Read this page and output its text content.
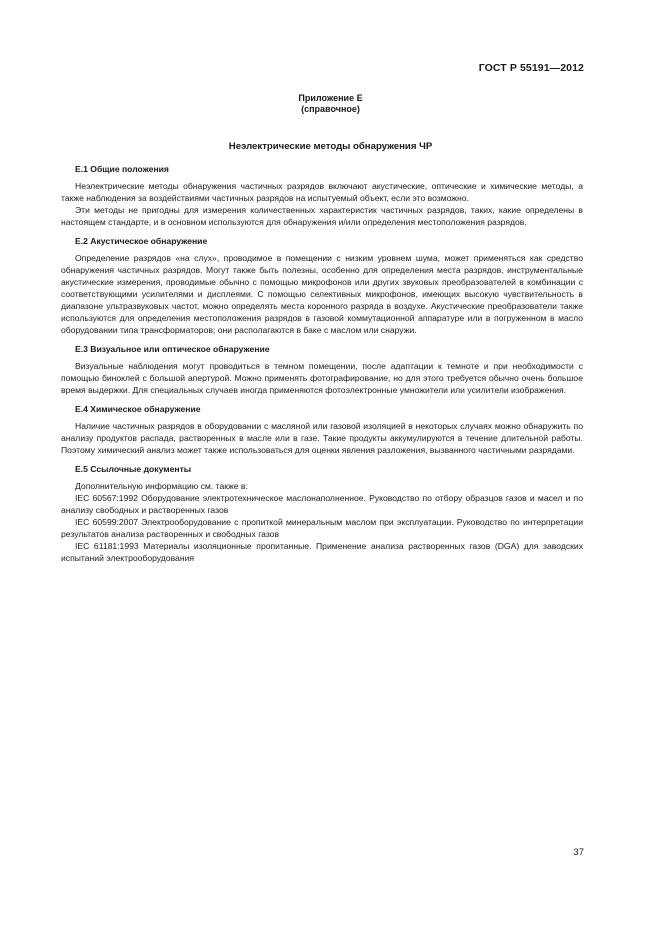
ГОСТ Р 55191—2012
Приложение Е
(справочное)
Неэлектрические методы обнаружения ЧР
Е.1 Общие положения

Неэлектрические методы обнаружения частичных разрядов включают акустические, оптические и химические методы, а также наблюдения за воздействиями частичных разрядов на испытуемый объект, если это возможно.

Эти методы не пригодны для измерения количественных характеристик частичных разрядов, таких, какие определены в настоящем стандарте, и в основном используются для обнаружения и/или определения местоположения разрядов.

Е.2 Акустическое обнаружение

Определение разрядов «на слух», проводимое в помещении с низким уровнем шума, может применяться как средство обнаружения частичных разрядов. Могут также быть полезны, особенно для определения места разрядов, инструментальные акустические измерения, проводимые обычно с помощью микрофонов или других звуковых преобразователей в комбинации с соответствующими усилителями и дисплеями. С помощью селективных микрофонов, имеющих высокую чувствительность в диапазоне ультразвуковых частот, можно определять места коронного разряда в воздухе. Акустические преобразователи также используются для определения местоположения разрядов в газовой коммутационной аппаратуре или в погруженном в масло оборудовании типа трансформаторов; они располагаются в баке с маслом или снаружи.

Е.3 Визуальное или оптическое обнаружение

Визуальные наблюдения могут проводиться в темном помещении, после адаптации к темноте и при необходимости с помощью биноклей с большой апертурой. Можно применять фотографирование, но для этого требуется обычно очень большое время выдержки. Для специальных случаев иногда применяются фотоэлектронные умножители или усилители изображения.

Е.4 Химическое обнаружение

Наличие частичных разрядов в оборудовании с масляной или газовой изоляцией в некоторых случаях можно обнаружить по анализу продуктов распада, растворенных в масле или в газе. Такие продукты аккумулируются в течение длительной работы. Поэтому химический анализ может также использоваться для оценки явления разложения, вызванного частичными разрядами.

Е.5 Ссылочные документы

Дополнительную информацию см. также в:

IEC 60567:1992 Оборудование электротехническое маслонаполненное. Руководство по отбору образцов газов и масел и по анализу свободных и растворенных газов

IEC 60599:2007 Электрооборудование с пропиткой минеральным маслом при эксплуатации. Руководство по интерпретации результатов анализа растворенных и свободных газов

IEC 61181:1993 Материалы изоляционные пропитанные. Применение анализа растворенных газов (DGA) для заводских испытаний электрооборудования

37
